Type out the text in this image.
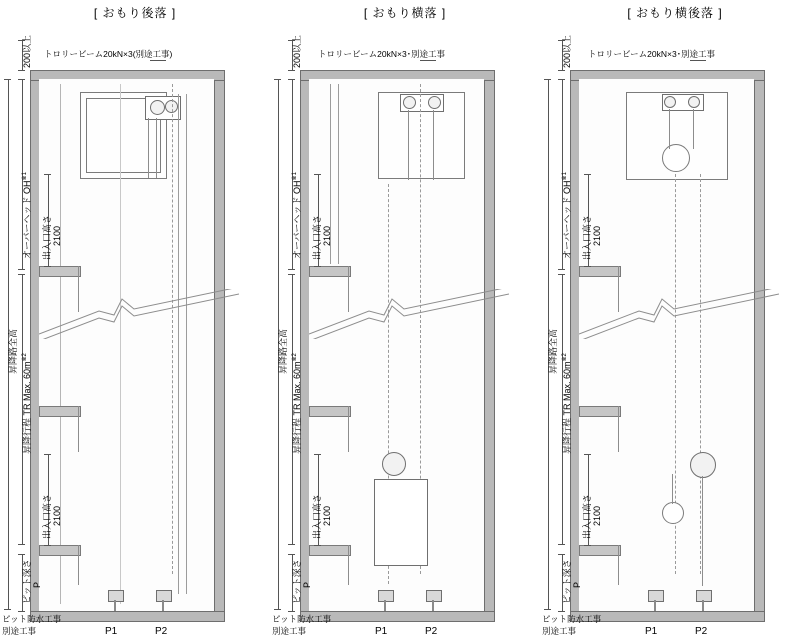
[ おもり後落 ]
P1	P2
トロリービーム20kN×3(別途工事)
200以上
オーバーヘッド OH$^{※1}$
出入口高さ 2100
昇降路全高
昇降行程 TR Max. $60m^{※2}$
出入口高さ 2100
ピット深さ P
ピット防水工事
別途工事
[ おもり横落 ]
P1	P2
トロリービーム20kN×3･別途工事
200以上
オーバーヘッド OH$^{※1}$
出入口高さ 2100
昇降路全高
昇降行程 TR Max. $60m^{※2}$
出入口高さ 2100
ピット深さ P
ピット防水工事
別途工事
[ おもり横後落 ]
P1	P2
トロリービーム20kN×3･別途工事
200以上
オーバーヘッド OH$^{※1}$
出入口高さ 2100
昇降路全高
昇降行程 TR Max. $60m^{※2}$
出入口高さ 2100
ピット深さ P
ピット防水工事
別途工事
